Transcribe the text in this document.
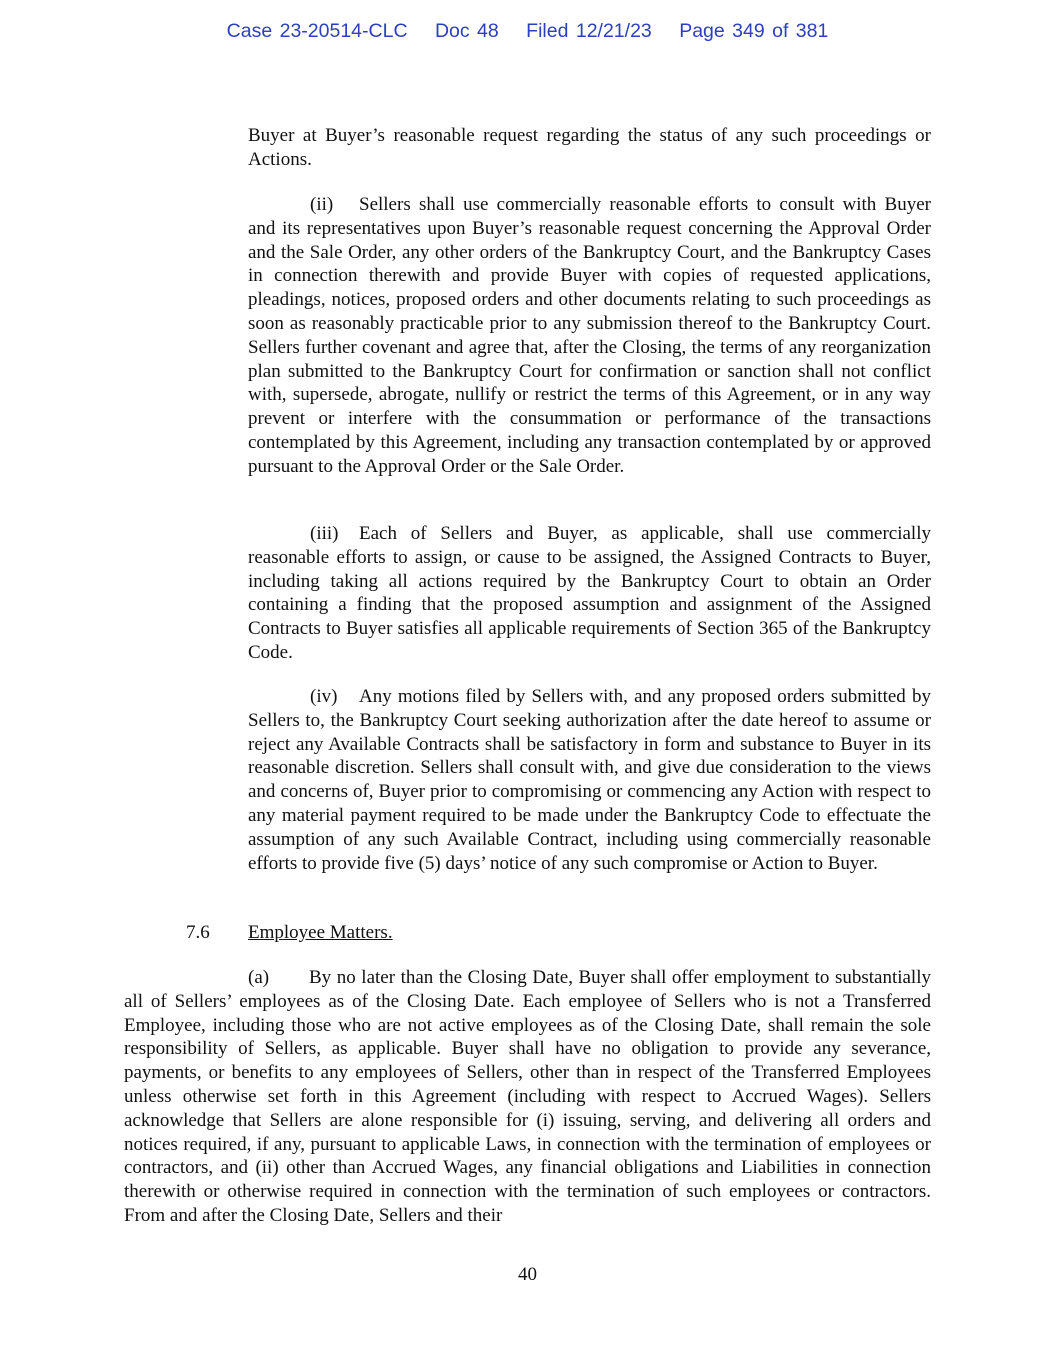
Case 23-20514-CLC Doc 48 Filed 12/21/23 Page 349 of 381

Buyer at Buyer’s reasonable request regarding the status of any such proceedings or Actions.

(ii) Sellers shall use commercially reasonable efforts to consult with Buyer and its representatives upon Buyer’s reasonable request concerning the Approval Order and the Sale Order, any other orders of the Bankruptcy Court, and the Bankruptcy Cases in connection therewith and provide Buyer with copies of requested applications, pleadings, notices, proposed orders and other documents relating to such proceedings as soon as reasonably practicable prior to any submission thereof to the Bankruptcy Court. Sellers further covenant and agree that, after the Closing, the terms of any reorganization plan submitted to the Bankruptcy Court for confirmation or sanction shall not conflict with, supersede, abrogate, nullify or restrict the terms of this Agreement, or in any way prevent or interfere with the consummation or performance of the transactions contemplated by this Agreement, including any transaction contemplated by or approved pursuant to the Approval Order or the Sale Order.

(iii) Each of Sellers and Buyer, as applicable, shall use commercially reasonable efforts to assign, or cause to be assigned, the Assigned Contracts to Buyer, including taking all actions required by the Bankruptcy Court to obtain an Order containing a finding that the proposed assumption and assignment of the Assigned Contracts to Buyer satisfies all applicable requirements of Section 365 of the Bankruptcy Code.

(iv) Any motions filed by Sellers with, and any proposed orders submitted by Sellers to, the Bankruptcy Court seeking authorization after the date hereof to assume or reject any Available Contracts shall be satisfactory in form and substance to Buyer in its reasonable discretion. Sellers shall consult with, and give due consideration to the views and concerns of, Buyer prior to compromising or commencing any Action with respect to any material payment required to be made under the Bankruptcy Code to effectuate the assumption of any such Available Contract, including using commercially reasonable efforts to provide five (5) days’ notice of any such compromise or Action to Buyer.

7.6 Employee Matters.

(a) By no later than the Closing Date, Buyer shall offer employment to substantially all of Sellers’ employees as of the Closing Date. Each employee of Sellers who is not a Transferred Employee, including those who are not active employees as of the Closing Date, shall remain the sole responsibility of Sellers, as applicable. Buyer shall have no obligation to provide any severance, payments, or benefits to any employees of Sellers, other than in respect of the Transferred Employees unless otherwise set forth in this Agreement (including with respect to Accrued Wages). Sellers acknowledge that Sellers are alone responsible for (i) issuing, serving, and delivering all orders and notices required, if any, pursuant to applicable Laws, in connection with the termination of employees or contractors, and (ii) other than Accrued Wages, any financial obligations and Liabilities in connection therewith or otherwise required in connection with the termination of such employees or contractors. From and after the Closing Date, Sellers and their

40
